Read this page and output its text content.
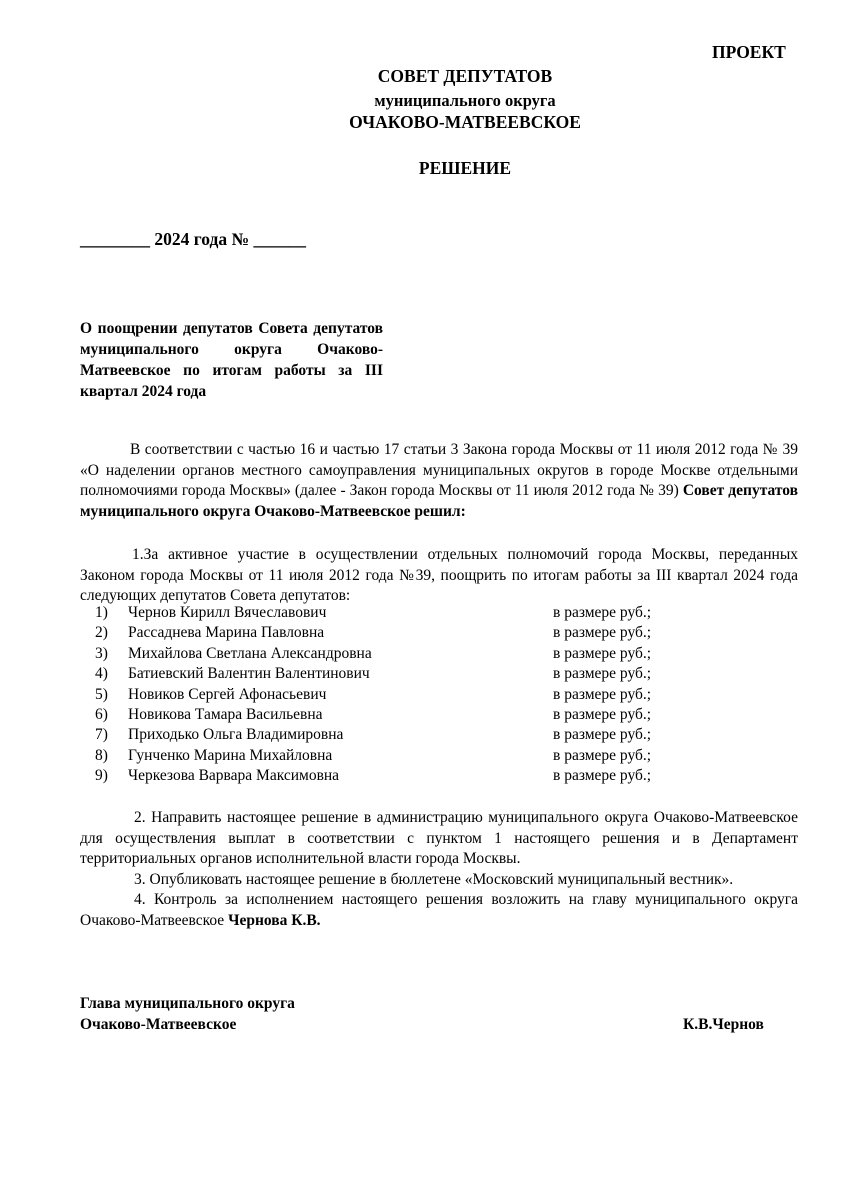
ПРОЕКТ
СОВЕТ ДЕПУТАТОВ
муниципального округа
ОЧАКОВО-МАТВЕЕВСКОЕ
РЕШЕНИЕ
________ 2024 года № ______
О поощрении депутатов Совета депутатов муниципального округа Очаково-Матвеевское по итогам работы за III квартал 2024 года
В соответствии с частью 16 и частью 17 статьи 3 Закона города Москвы от 11 июля 2012 года № 39 «О наделении органов местного самоуправления муниципальных округов в городе Москве отдельными полномочиями города Москвы» (далее - Закон города Москвы от 11 июля 2012 года № 39) Совет депутатов муниципального округа Очаково-Матвеевское решил:
1.За активное участие в осуществлении отдельных полномочий города Москвы, переданных Законом города Москвы от 11 июля 2012 года №39, поощрить по итогам работы за III квартал 2024 года следующих депутатов Совета депутатов:
1) Чернов Кирилл Вячеславович	в размере руб.;
2) Рассаднева Марина Павловна	в размере руб.;
3) Михайлова Светлана Александровна	в размере руб.;
4) Батиевский Валентин Валентинович	в размере руб.;
5) Новиков Сергей Афонасьевич	в размере руб.;
6) Новикова Тамара Васильевна	в размере руб.;
7) Приходько Ольга Владимировна	в размере руб.;
8) Гунченко Марина Михайловна	в размере руб.;
9) Черкезова Варвара Максимовна	в размере руб.;
2. Направить настоящее решение в администрацию муниципального округа Очаково-Матвеевское для осуществления выплат в соответствии с пунктом 1 настоящего решения и в Департамент территориальных органов исполнительной власти города Москвы.
3. Опубликовать настоящее решение в бюллетене «Московский муниципальный вестник».
4. Контроль за исполнением настоящего решения возложить на главу муниципального округа Очаково-Матвеевское Чернова К.В.
Глава муниципального округа
Очаково-Матвеевское	К.В.Чернов
